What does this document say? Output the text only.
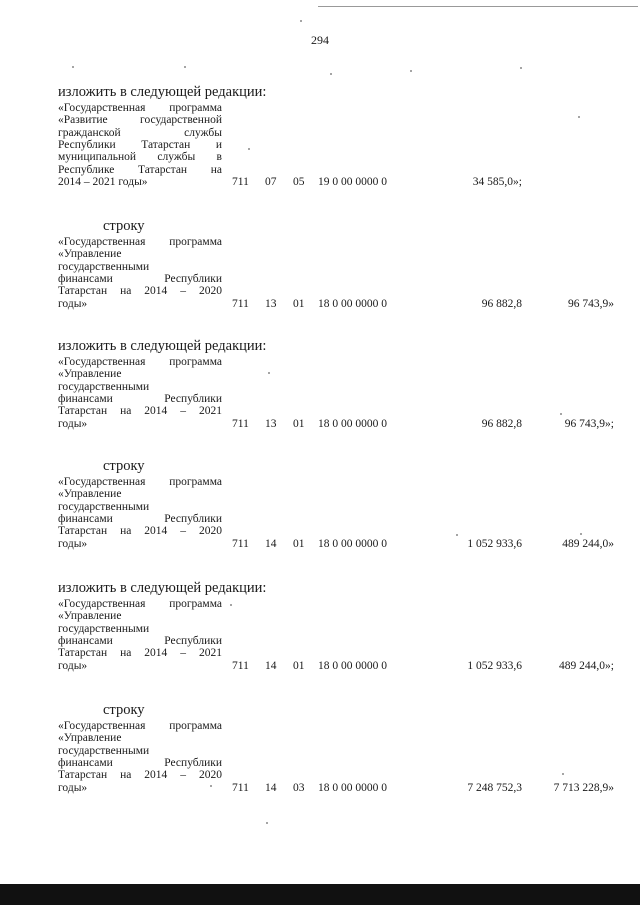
294
изложить в следующей редакции:
«Государственная программа
«Развитие государственной
гражданской службы
Республики Татарстан и
муниципальной службы в
Республике Татарстан на
2014 – 2021 годы»	711 07 05 19 0 00 0000 0	34 585,0»;
строку
«Государственная программа
«Управление
государственными
финансами Республики
Татарстан на 2014 – 2020
годы»	711 13 01 18 0 00 0000 0	96 882,8	96 743,9»
изложить в следующей редакции:
«Государственная программа
«Управление
государственными
финансами Республики
Татарстан на 2014 – 2021
годы»	711 13 01 18 0 00 0000 0	96 882,8	96 743,9»;
строку
«Государственная программа
«Управление
государственными
финансами Республики
Татарстан на 2014 – 2020
годы»	711 14 01 18 0 00 0000 0	1 052 933,6	489 244,0»
изложить в следующей редакции:
«Государственная программа
«Управление
государственными
финансами Республики
Татарстан на 2014 – 2021
годы»	711 14 01 18 0 00 0000 0	1 052 933,6	489 244,0»;
строку
«Государственная программа
«Управление
государственными
финансами Республики
Татарстан на 2014 – 2020
годы»	711 14 03 18 0 00 0000 0	7 248 752,3	7 713 228,9»
